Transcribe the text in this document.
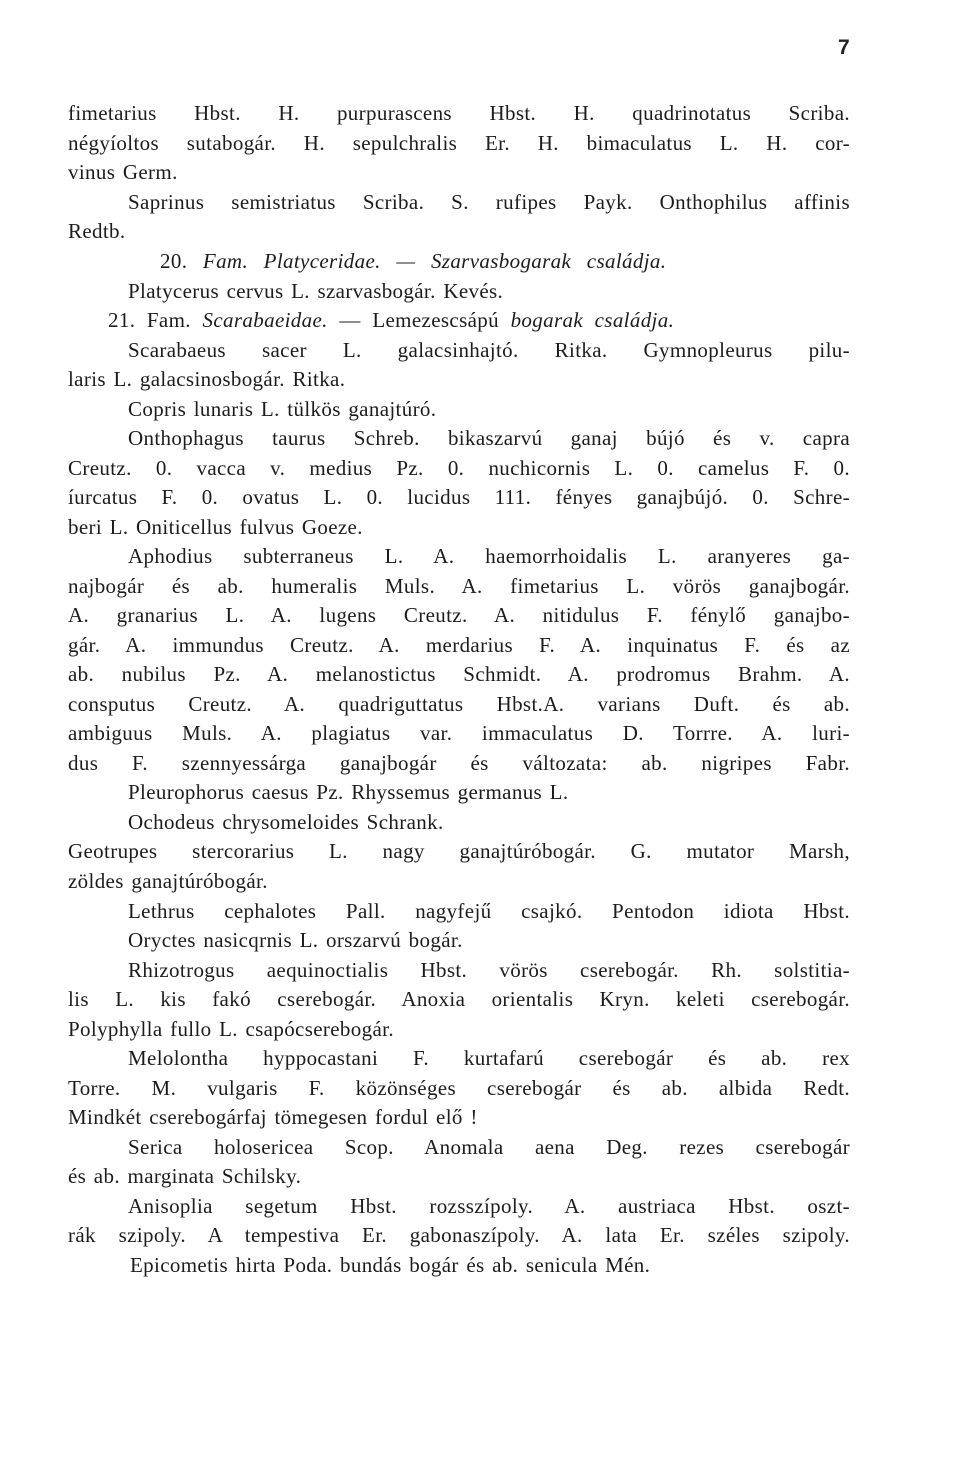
7
fimetarius Hbst. H. purpurascens Hbst. H. quadrinotatus Scriba.
négyíoltos sutabogár. H. sepulchralis Er. H. bimaculatus L. H. cor-
vinus Germ.
Saprinus semistriatus Scriba. S. rufipes Payk. Onthophilus affinis
Redtb.
20. Fam. Platyceridae. — Szarvasbogarak családja.
Platycerus cervus L. szarvasbogár. Kevés.
21. Fam. Scarabaeidae. — Lemezescsápú bogarak családja.
Scarabaeus sacer L. galacsinhajtó. Ritka. Gymnopleurus pilu-
laris L. galacsinosbogár. Ritka.
Copris lunaris L. tülkös ganajtúró.
Onthophagus taurus Schreb. bikaszarvú ganaj búјó és v. capra
Creutz. 0. vacca v. medius Pz. 0. nuchicornis L. 0. camelus F. 0.
íurcatus F. 0. ovatus L. 0. lucidus 111. fényes ganajbújó. 0. Schre-
beri L. Oniticellus fulvus Goeze.
Aphodius subterraneus L. A. haemorrhoidalis L. aranyeres ga-
najbogár és ab. humeralis Muls. A. fimetarius L. vörös ganajbogár.
A. granarius L. A. lugens Creutz. A. nitidulus F. fénylő ganajbo-
gár. A. immundus Creutz. A. merdarius F. A. inquinatus F. és az
ab. nubilus Pz. A. melanostictus Schmidt. A. prodromus Brahm. A.
consputus Creutz. A. quadriguttatus Hbst.A. varians Duft. és ab.
ambiguus Muls. A. plagiatus var. immaculatus D. Torrre. A. luri-
dus F. szennyessárga ganajbogár és változata: ab. nigripes Fabr.
Pleurophorus caesus Pz. Rhyssemus germanus L.
Ochodeus chrysomeloides Schrank.
Geotrupes stercorarius L. nagy ganajtúróbogár. G. mutator Marsh,
zöldes ganajtúróbogár.
Lethrus cephalotes Pall. nagyfejű csajkó. Pentodon idiota Hbst.
Oryctes nasicqrnis L. orszarvú bogár.
Rhizotrogus aequinoctialis Hbst. vörös cserebogár. Rh. solstitia-
lis L. kis fakó cserebogár. Anoxia orientalis Kryn. keleti cserebogár.
Polyphylla fullo L. csapócserebogár.
Melolontha hyppocastani F. kurtafarú cserebogár és ab. rex
Torre. M. vulgaris F. közönséges cserebogár és ab. albida Redt.
Mindkét cserebogárfaj tömegesen fordul elő !
Serica holosericea Scop. Anomala aena Deg. rezes cserebogár
és ab. marginata Schilsky.
Anisoplia segetum Hbst. rozsszípoly. A. austriaca Hbst. oszt-
rák szipoly. A tempestiva Er. gabonaszípoly. A. lata Er. széles szipoly.
Epicometis hirta Poda. bundás bogár és ab. senicula Mén.
